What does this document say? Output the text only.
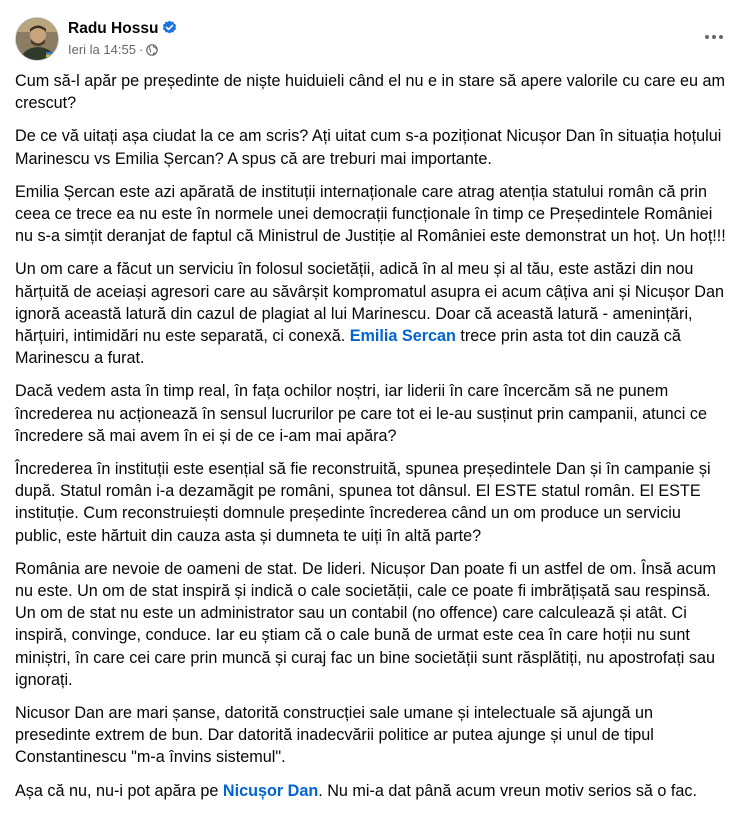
Radu Hossu
Ieri la 14:55 ·

Cum să-l apăr pe președinte de niște huiduieli când el nu e in stare să apere valorile cu care eu am crescut?

De ce vă uitați așa ciudat la ce am scris? Ați uitat cum s-a poziționat Nicușor Dan în situația hoțului Marinescu vs Emilia Șercan? A spus că are treburi mai importante.

Emilia Șercan este azi apărată de instituții internaționale care atrag atenția statului român că prin ceea ce trece ea nu este în normele unei democrații funcționale în timp ce Președintele României nu s-a simțit deranjat de faptul că Ministrul de Justiție al României este demonstrat un hoț. Un hoț!!!

Un om care a făcut un serviciu în folosul societății, adică în al meu și al tău, este astăzi din nou hărțuită de aceiași agresori care au săvârșit kompromatul asupra ei acum câțiva ani și Nicușor Dan ignoră această latură din cazul de plagiat al lui Marinescu. Doar că această latură - amenințări, hărțuiri, intimidări nu este separată, ci conexă. Emilia Sercan trece prin asta tot din cauză că Marinescu a furat.

Dacă vedem asta în timp real, în fața ochilor noștri, iar liderii în care încercăm să ne punem încrederea nu acționează în sensul lucrurilor pe care tot ei le-au susținut prin campanii, atunci ce încredere să mai avem în ei și de ce i-am mai apăra?

Încrederea în instituții este esențial să fie reconstruită, spunea președintele Dan și în campanie și după. Statul român i-a dezamăgit pe români, spunea tot dânsul. El ESTE statul român. El ESTE instituție. Cum reconstruiești domnule președinte încrederea când un om produce un serviciu public, este hărtuit din cauza asta și dumneta te uiți în altă parte?

România are nevoie de oameni de stat. De lideri. Nicușor Dan poate fi un astfel de om. Însă acum nu este. Un om de stat inspiră și indică o cale societății, cale ce poate fi imbrățișată sau respinsă. Un om de stat nu este un administrator sau un contabil (no offence) care calculează și atât. Ci inspiră, convinge, conduce. Iar eu știam că o cale bună de urmat este cea în care hoții nu sunt miniștri, în care cei care prin muncă și curaj fac un bine societății sunt răsplătiți, nu apostrofați sau ignorați.

Nicusor Dan are mari șanse, datorită construcției sale umane și intelectuale să ajungă un presedinte extrem de bun. Dar datorită inadecvării politice ar putea ajunge și unul de tipul Constantinescu "m-a învins sistemul".

Așa că nu, nu-i pot apăra pe Nicușor Dan. Nu mi-a dat până acum vreun motiv serios să o fac.
